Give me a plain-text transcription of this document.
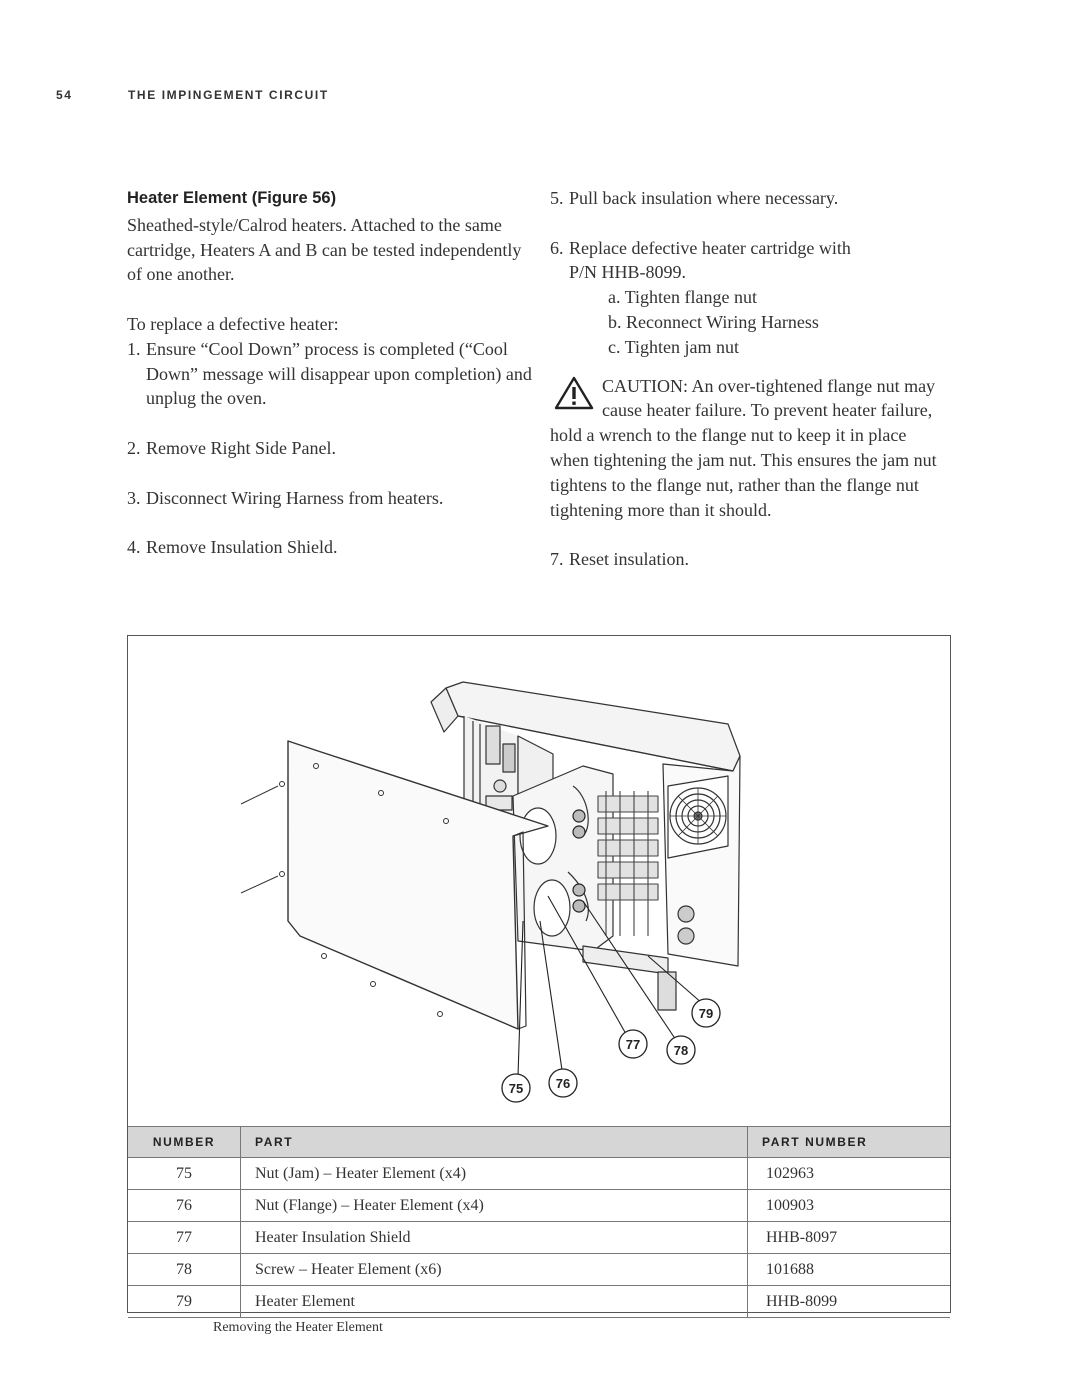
54	THE IMPINGEMENT CIRCUIT

Heater Element (Figure 56)

Sheathed-style/Calrod heaters. Attached to the same cartridge, Heaters A and B can be tested independently of one another.

To replace a defective heater:

1. Ensure “Cool Down” process is completed (“Cool Down” message will disappear upon completion) and unplug the oven.
2. Remove Right Side Panel.
3. Disconnect Wiring Harness from heaters.
4. Remove Insulation Shield.
5. Pull back insulation where necessary.
6. Replace defective heater cartridge with

P/N HHB-8099.

a. Tighten flange nut

b. Reconnect Wiring Harness

c. Tighten jam nut

CAUTION: An over-tightened flange nut may cause heater failure. To prevent heater failure, hold a wrench to the flange nut to keep it in place when tightening the jam nut. This ensures the jam nut tightens to the flange nut, rather than the flange nut tightening more than it should.

7. Reset insulation.
75	76
77	78
79
NUMBER	PART	PART NUMBER
75	Nut (Jam) – Heater Element (x4)	102963
76	Nut (Flange) – Heater Element (x4)	100903
77	Heater Insulation Shield	HHB-8097
78	Screw – Heater Element (x6)	101688
79	Heater Element	HHB-8099
Removing the Heater Element
